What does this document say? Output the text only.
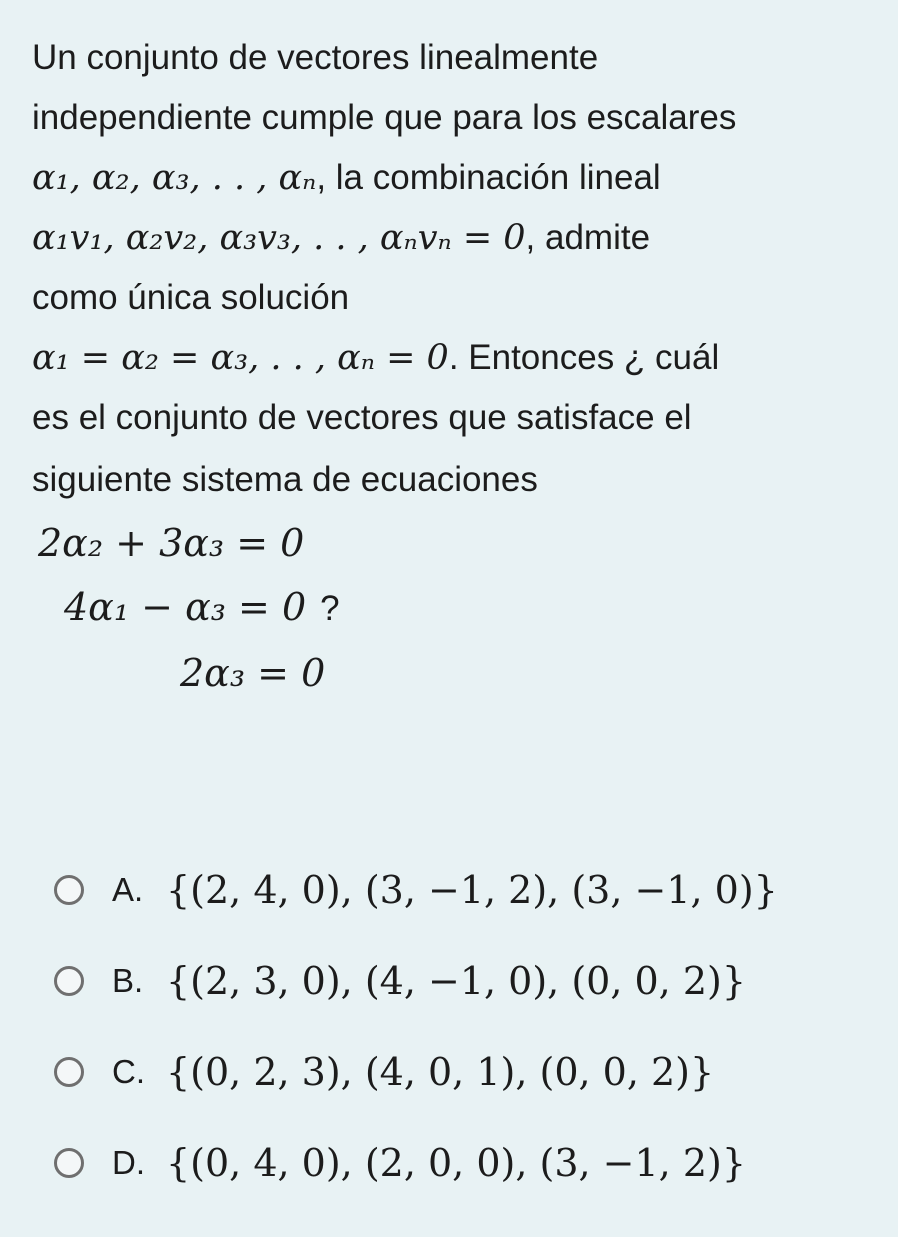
Un conjunto de vectores linealmente
independiente cumple que para los escalares
α₁, α₂, α₃, . . , αₙ, la combinación lineal
α₁v₁, α₂v₂, α₃v₃, . . , αₙvₙ = 0, admite
como única solución
α₁ = α₂ = α₃, . . , αₙ = 0. Entonces ¿ cuál
es el conjunto de vectores que satisface el
siguiente sistema de ecuaciones
2α₂ + 3α₃ = 0
4α₁ − α₃ = 0 ?
2α₃ = 0
A. {(2, 4, 0), (3, −1, 2), (3, −1, 0)}
B. {(2, 3, 0), (4, −1, 0), (0, 0, 2)}
C. {(0, 2, 3), (4, 0, 1), (0, 0, 2)}
D. {(0, 4, 0), (2, 0, 0), (3, −1, 2)}
